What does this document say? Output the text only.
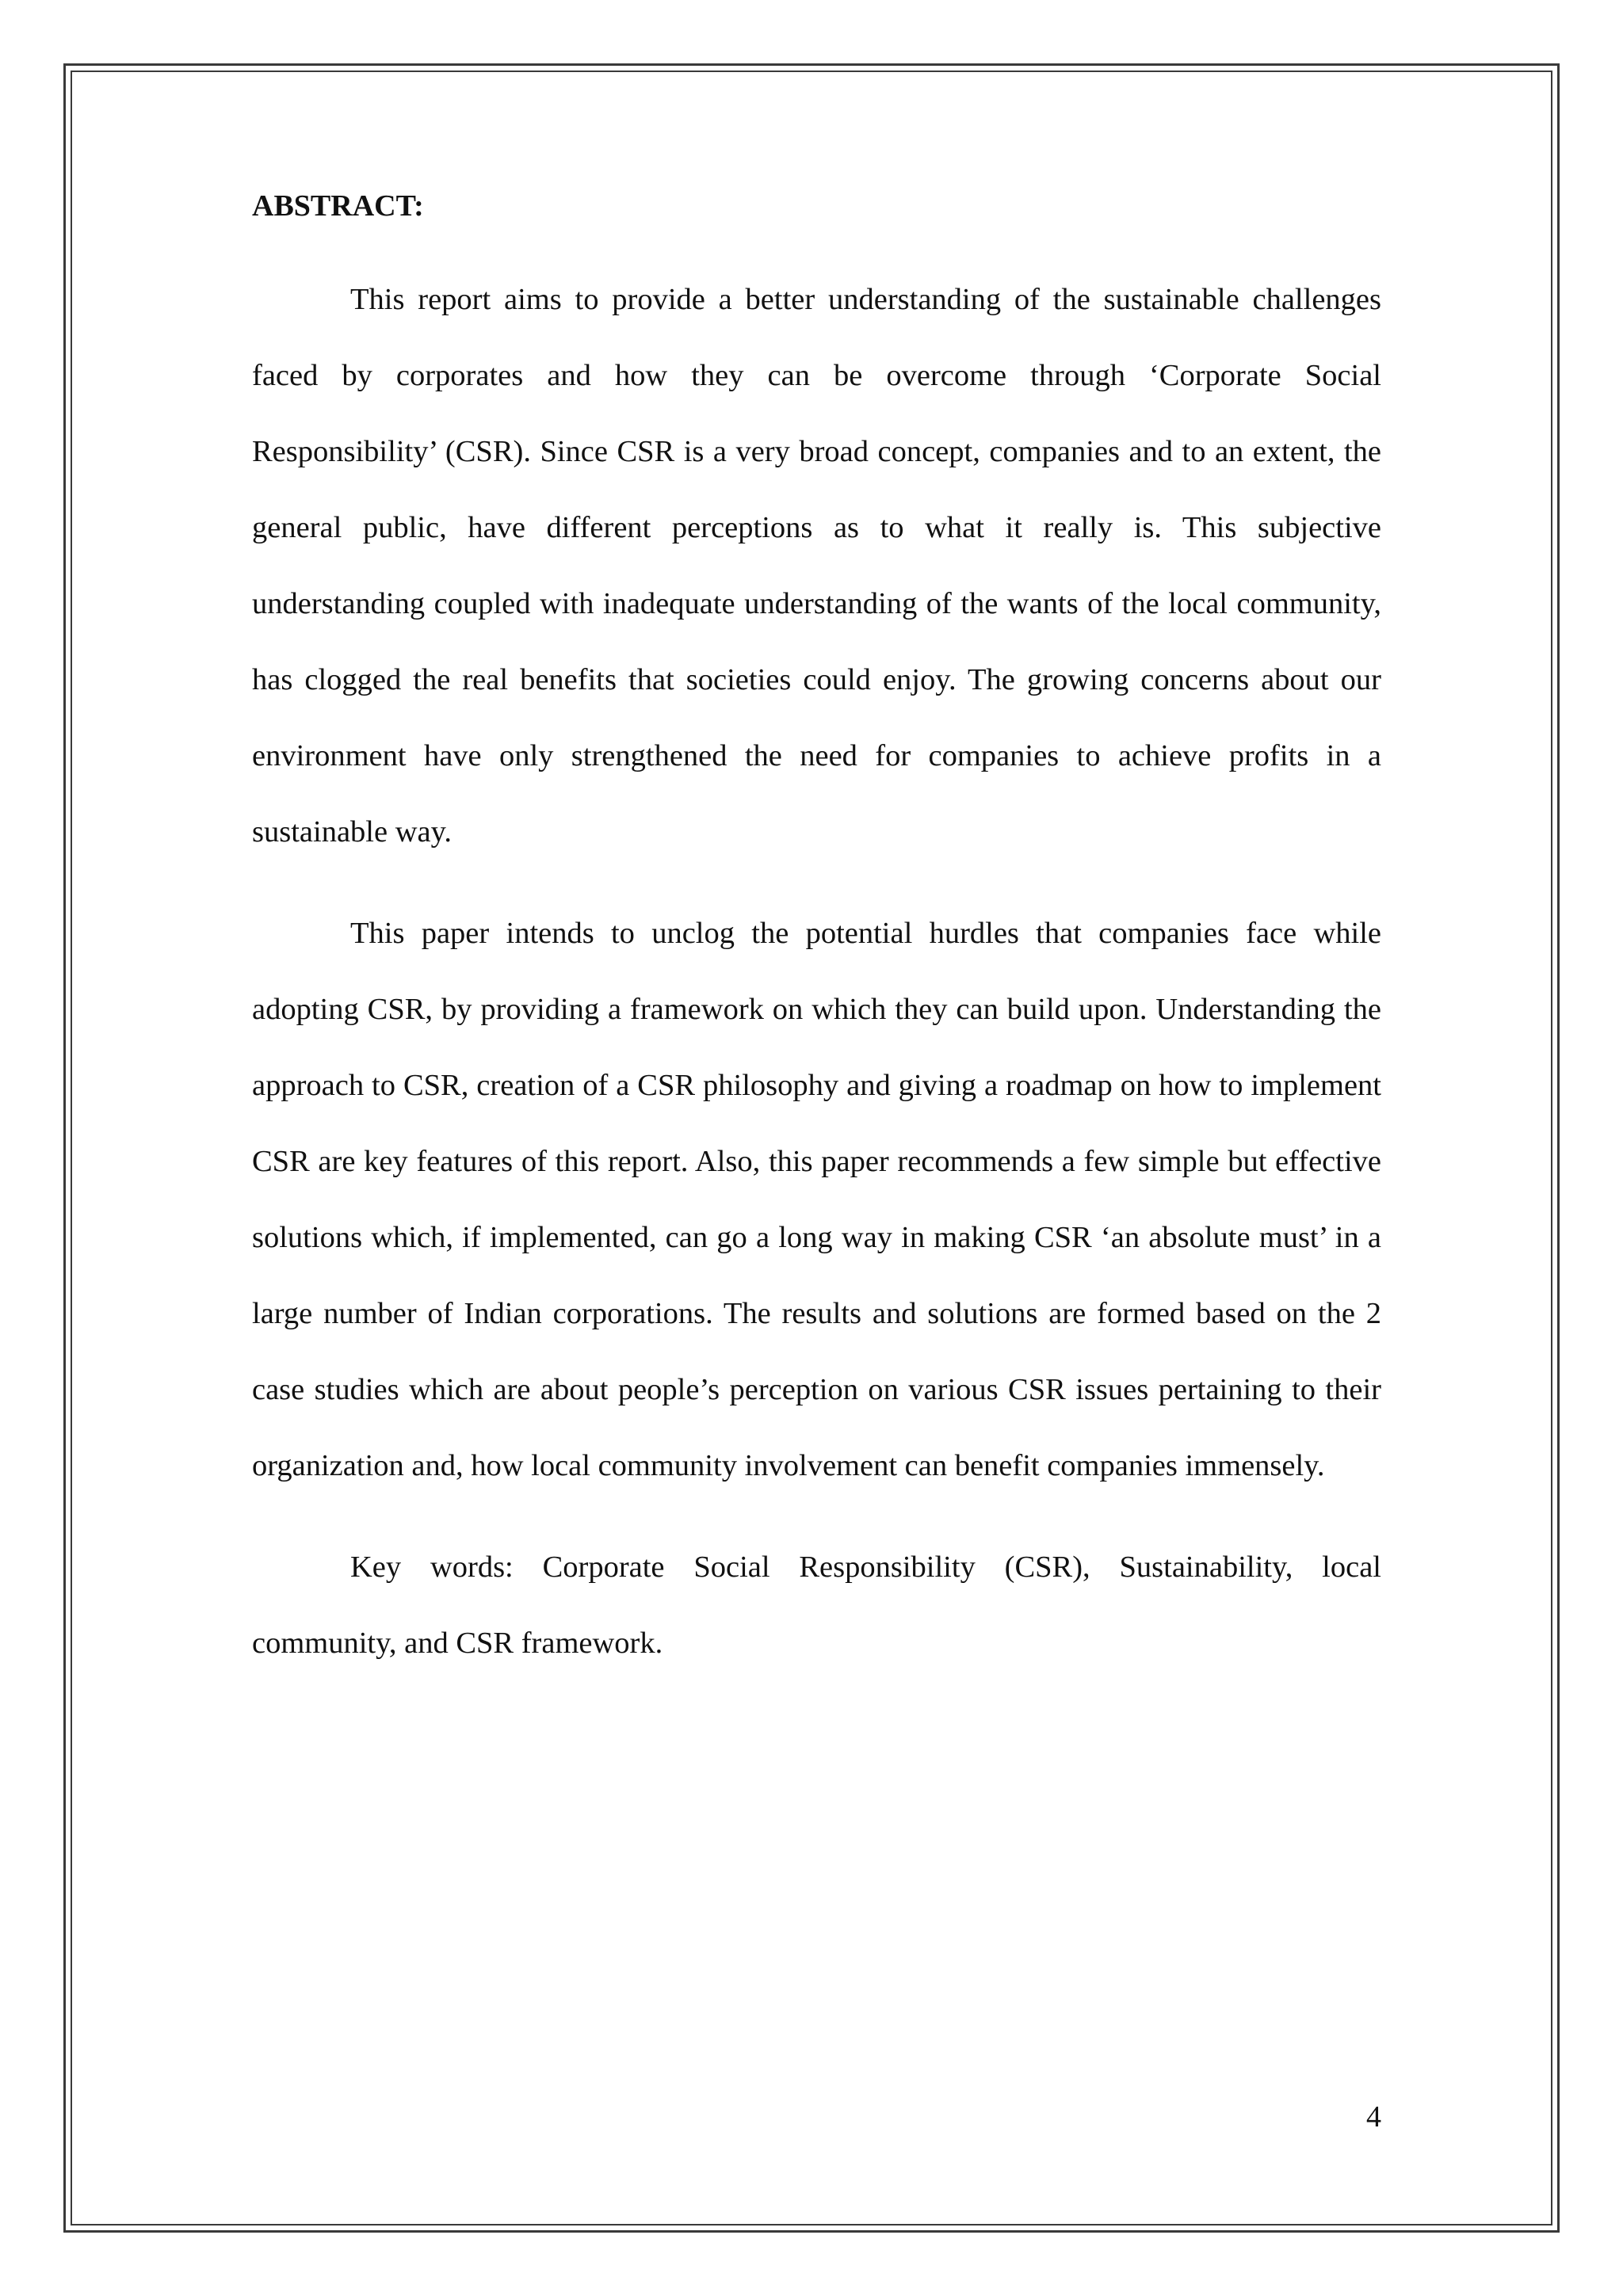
ABSTRACT:

This report aims to provide a better understanding of the sustainable challenges faced by corporates and how they can be overcome through ‘Corporate Social Responsibility’ (CSR). Since CSR is a very broad concept, companies and to an extent, the general public, have different perceptions as to what it really is. This subjective understanding coupled with inadequate understanding of the wants of the local community, has clogged the real benefits that societies could enjoy. The growing concerns about our environment have only strengthened the need for companies to achieve profits in a sustainable way.

This paper intends to unclog the potential hurdles that companies face while adopting CSR, by providing a framework on which they can build upon. Understanding the approach to CSR, creation of a CSR philosophy and giving a roadmap on how to implement CSR are key features of this report. Also, this paper recommends a few simple but effective solutions which, if implemented, can go a long way in making CSR ‘an absolute must’ in a large number of Indian corporations. The results and solutions are formed based on the 2 case studies which are about people’s perception on various CSR issues pertaining to their organization and, how local community involvement can benefit companies immensely.

Key words: Corporate Social Responsibility (CSR), Sustainability, local community, and CSR framework.

4
